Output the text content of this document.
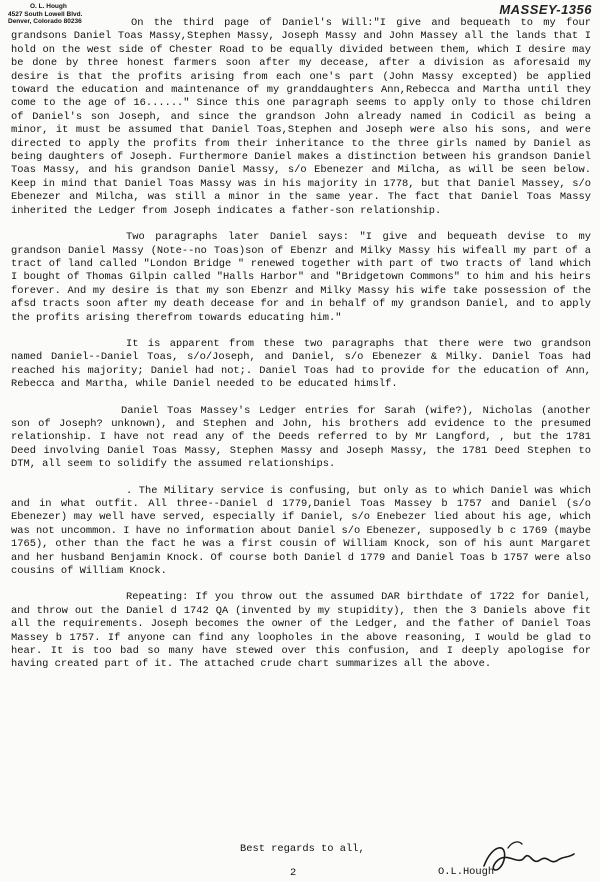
O. L. Hough
4527 South Lowell Blvd.
Denver, Colorado 80236
MASSEY-1356

On the third page of Daniel's Will:"I give and bequeath to my four grandsons Daniel Toas Massy,Stephen Massy, Joseph Massy and John Massey all the lands that I hold on the west side of Chester Road to be equally divided between them, which I desire may be done by three honest farmers soon after my decease, after a division as aforesaid my desire is that the profits arising from each one's part (John Massy excepted) be applied toward the education and maintenance of my granddaughters Ann,Rebecca and Martha until they come to the age of 16......" Since this one paragraph seems to apply only to those children of Daniel's son Joseph, and since the grandson John already named in Codicil as being a minor, it must be assumed that Daniel Toas,Stephen and Joseph were also his sons, and were directed to apply the profits from their inheritance to the three girls named by Daniel as being daughters of Joseph. Furthermore Daniel makes a distinction between his grandson Daniel Toas Massy, and his grandson Daniel Massy, s/o Ebenezer and Milcha, as will be seen below. Keep in mind that Daniel Toas Massy was in his majority in 1778, but that Daniel Massey, s/o Ebenezer and Milcha, was still a minor in the same year. The fact that Daniel Toas Massy inherited the Ledger from Joseph indicates a father-son relationship.

Two paragraphs later Daniel says: "I give and bequeath devise to my grandson Daniel Massy (Note--no Toas)son of Ebenzr and Milky Massy his wifeall my part of a tract of land called "London Bridge " renewed together with part of two tracts of land which I bought of Thomas Gilpin called "Halls Harbor" and "Bridgetown Commons" to him and his heirs forever. And my desire is that my son Ebenzr and Milky Massy his wife take possession of the afsd tracts soon after my death decease for and in behalf of my grandson Daniel, and to apply the profits arising therefrom towards educating him."

It is apparent from these two paragraphs that there were two grandson named Daniel--Daniel Toas, s/o/Joseph, and Daniel, s/o Ebenezer & Milky. Daniel Toas had reached his majority; Daniel had not;. Daniel Toas had to provide for the education of Ann, Rebecca and Martha, while Daniel needed to be educated himslf.

Daniel Toas Massey's Ledger entries for Sarah (wife?), Nicholas (another son of Joseph? unknown), and Stephen and John, his brothers add evidence to the presumed relationship. I have not read any of the Deeds referred to by Mr Langford, , but the 1781 Deed involving Daniel Toas Massy, Stephen Massy and Joseph Massy, the 1781 Deed Stephen to DTM, all seem to solidify the assumed relationships.

. The Military service is confusing, but only as to which Daniel was which and in what outfit. All three--Daniel d 1779,Daniel Toas Massey b 1757 and Daniel (s/o Ebenezer) may well have served, especially if Daniel, s/o Enebezer lied about his age, which was not uncommon. I have no information about Daniel s/o Ebenezer, supposedly b c 1769 (maybe 1765), other than the fact he was a first cousin of William Knock, son of his aunt Margaret and her husband Benjamin Knock. Of course both Daniel d 1779 and Daniel Toas b 1757 were also cousins of William Knock.

Repeating: If you throw out the assumed DAR birthdate of 1722 for Daniel, and throw out the Daniel d 1742 QA (invented by my stupidity), then the 3 Daniels above fit all the requirements. Joseph becomes the owner of the Ledger, and the father of Daniel Toas Massey b 1757. If anyone can find any loopholes in the above reasoning, I would be glad to hear. It is too bad so many have stewed over this confusion, and I deeply apologise for having created part of it. The attached crude chart summarizes all the above.

Best regards to all,
2	O.L.Hough
